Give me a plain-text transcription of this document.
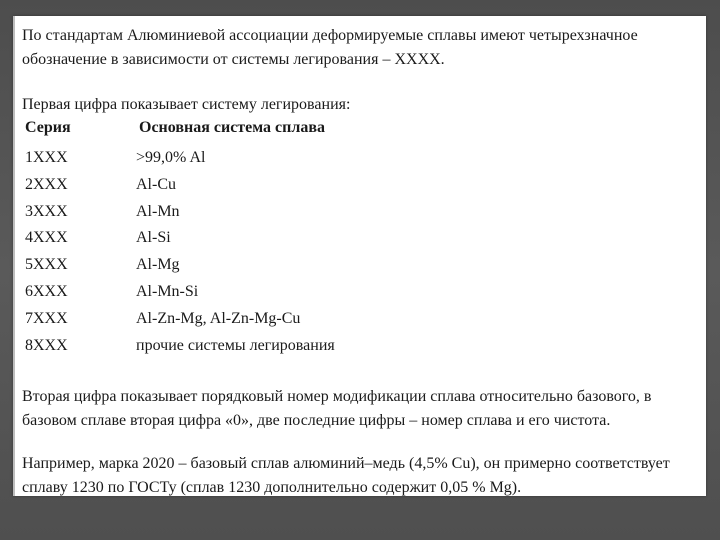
По стандартам Алюминиевой ассоциации деформируемые сплавы имеют четырехзначное обозначение в зависимости от системы легирования – XXXX.

Первая цифра показывает систему легирования:

Серия	Основная система сплава
1XXX	>99,0% Al
2XXX	Al-Cu
3XXX	Al-Mn
4XXX	Al-Si
5XXX	Al-Mg
6XXX	Al-Mn-Si
7XXX	Al-Zn-Mg, Al-Zn-Mg-Cu
8XXX	прочие системы легирования

Вторая цифра показывает порядковый номер модификации сплава относительно базового, в базовом сплаве вторая цифра «0», две последние цифры – номер сплава и его чистота.

Например, марка 2020 – базовый сплав алюминий–медь (4,5% Cu), он примерно соответствует сплаву 1230 по ГОСТу (сплав 1230 дополнительно содержит 0,05 % Mg).
